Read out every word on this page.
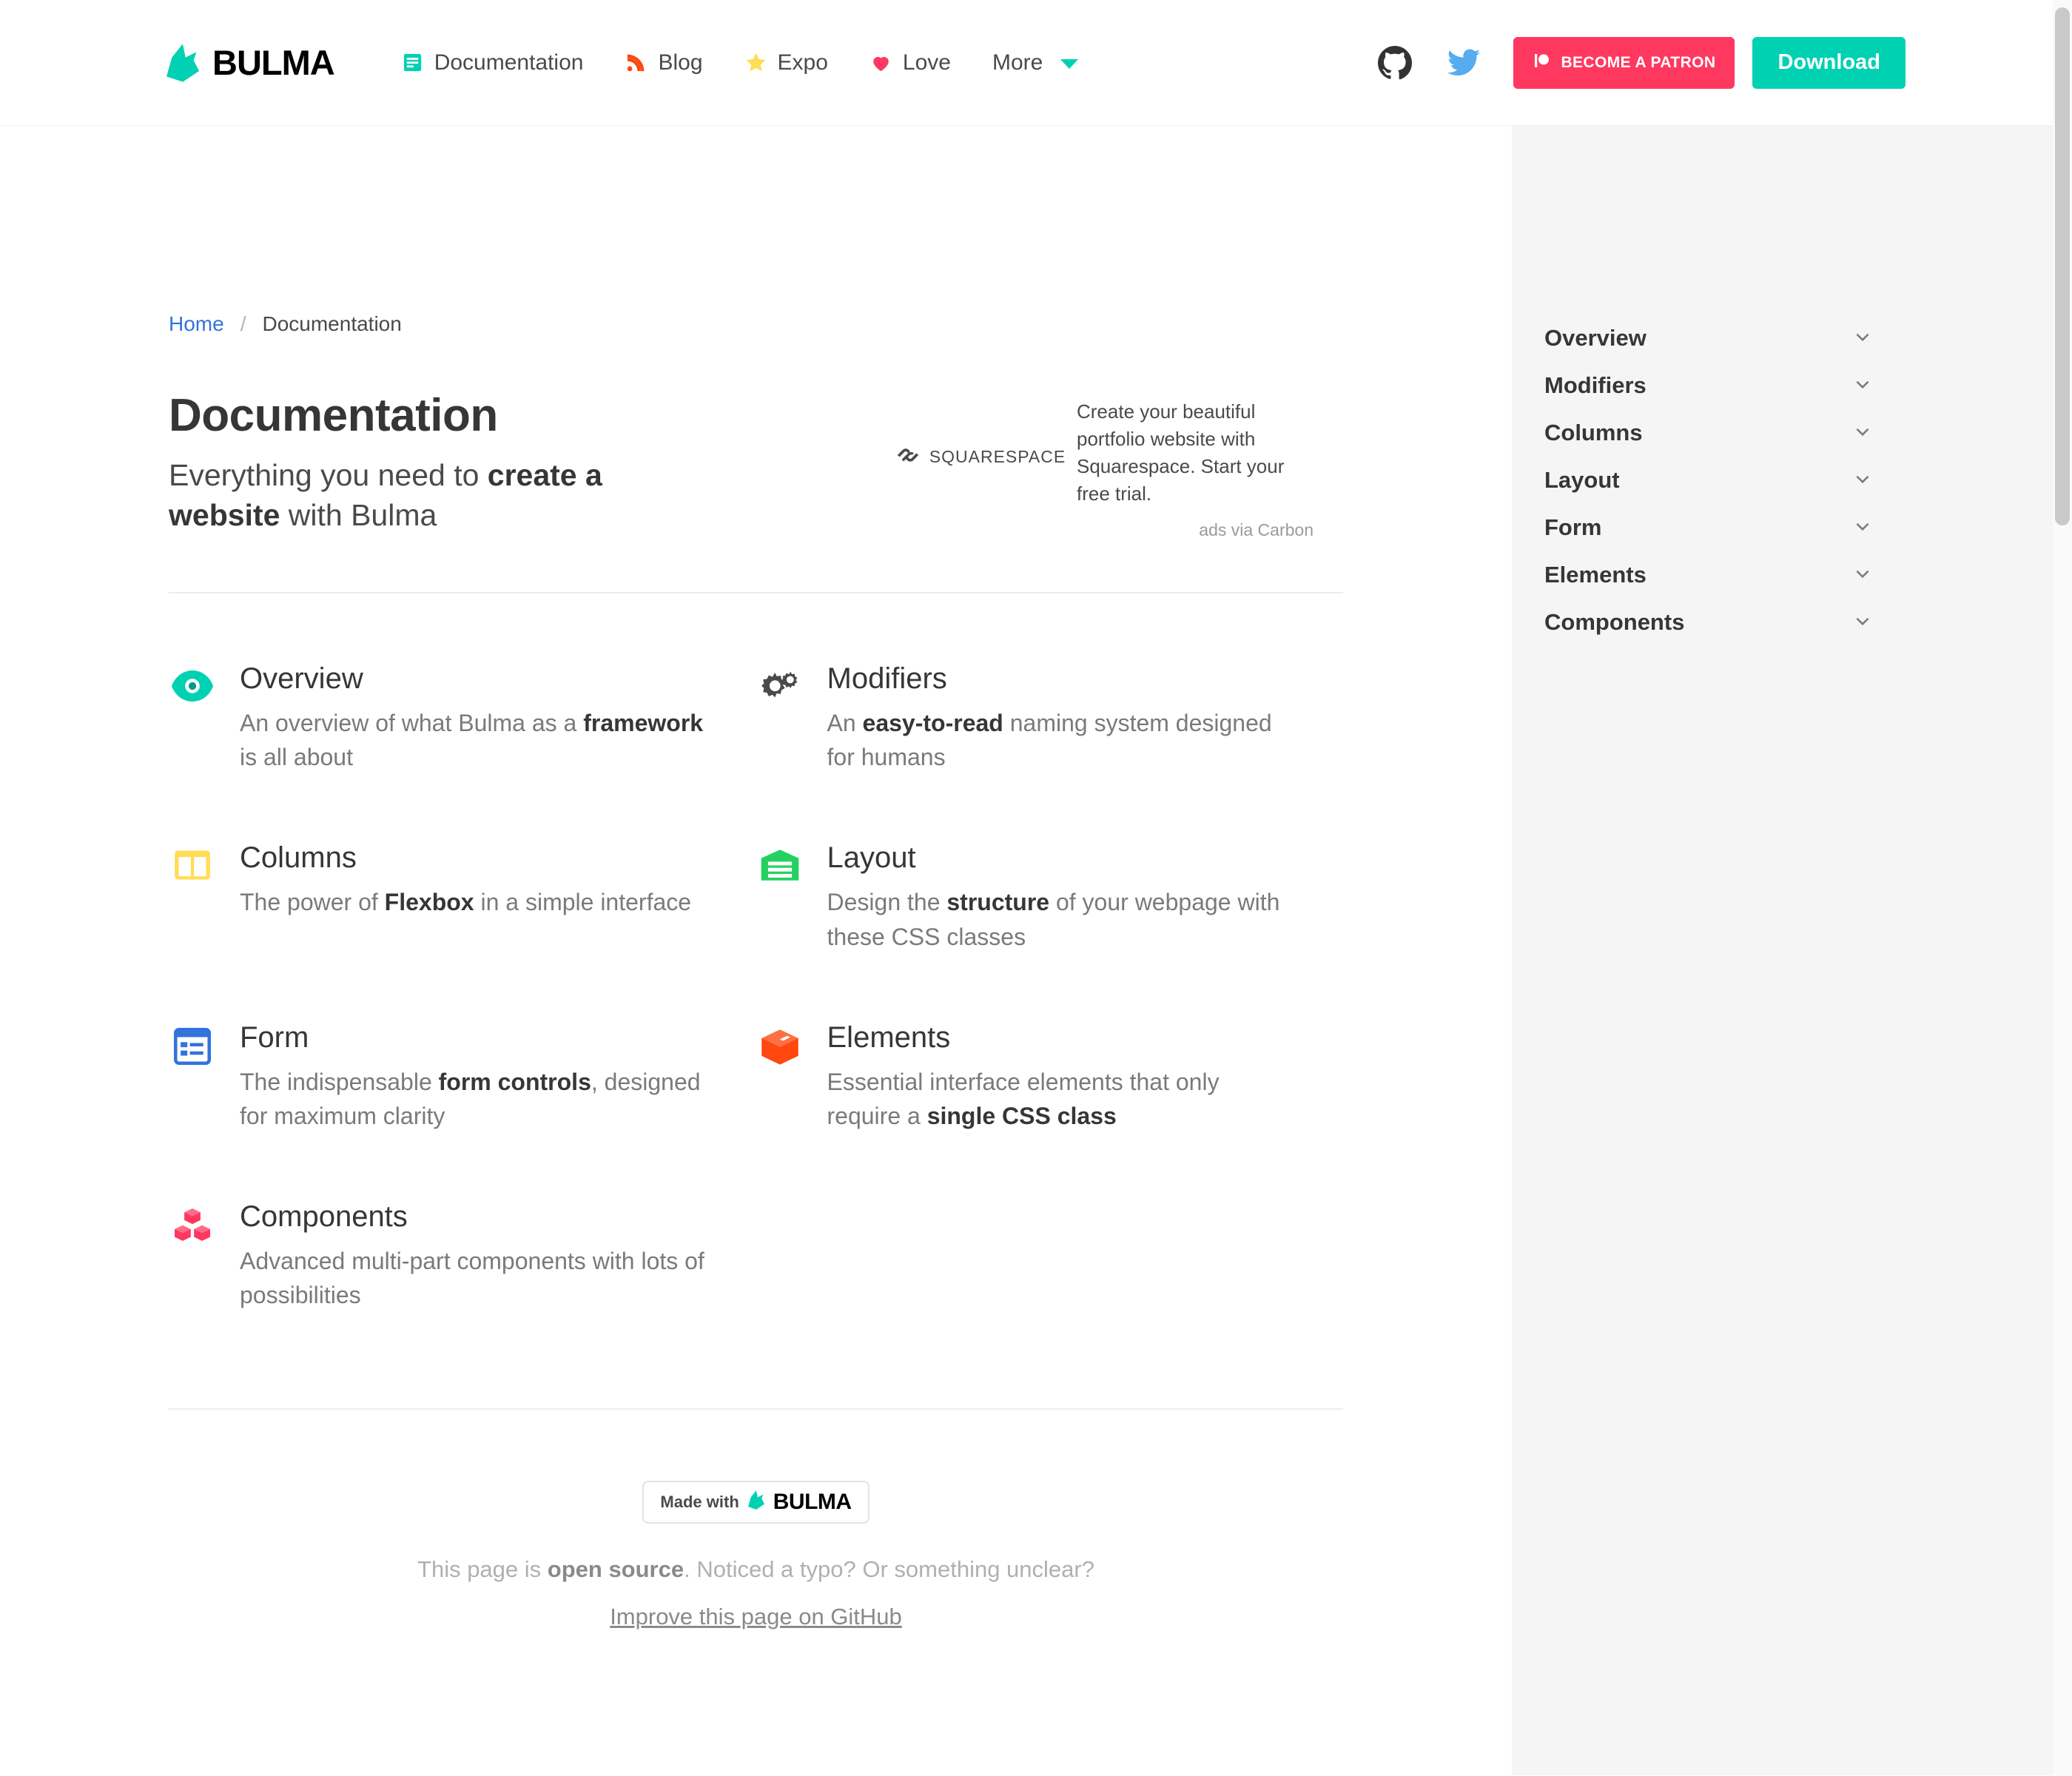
BULMA	Documentation	Blog	Expo	Love More	BECOME A PATRON	Download
Home / Documentation
Documentation
Everything you need to create a website with Bulma
SQUARESPACE
Create your beautiful portfolio website with Squarespace. Start your free trial.
ads via Carbon
Overview
An overview of what Bulma as a framework is all about
Modifiers
An easy-to-read naming system designed for humans
Columns
The power of Flexbox in a simple interface
Layout
Design the structure of your webpage with these CSS classes
Form
The indispensable form controls, designed for maximum clarity
Elements
Essential interface elements that only require a single CSS class
Components
Advanced multi-part components with lots of possibilities
Made with BULMA
This page is open source. Noticed a typo? Or something unclear?
Improve this page on GitHub
Overview
Modifiers
Columns
Layout
Form
Elements
Components
